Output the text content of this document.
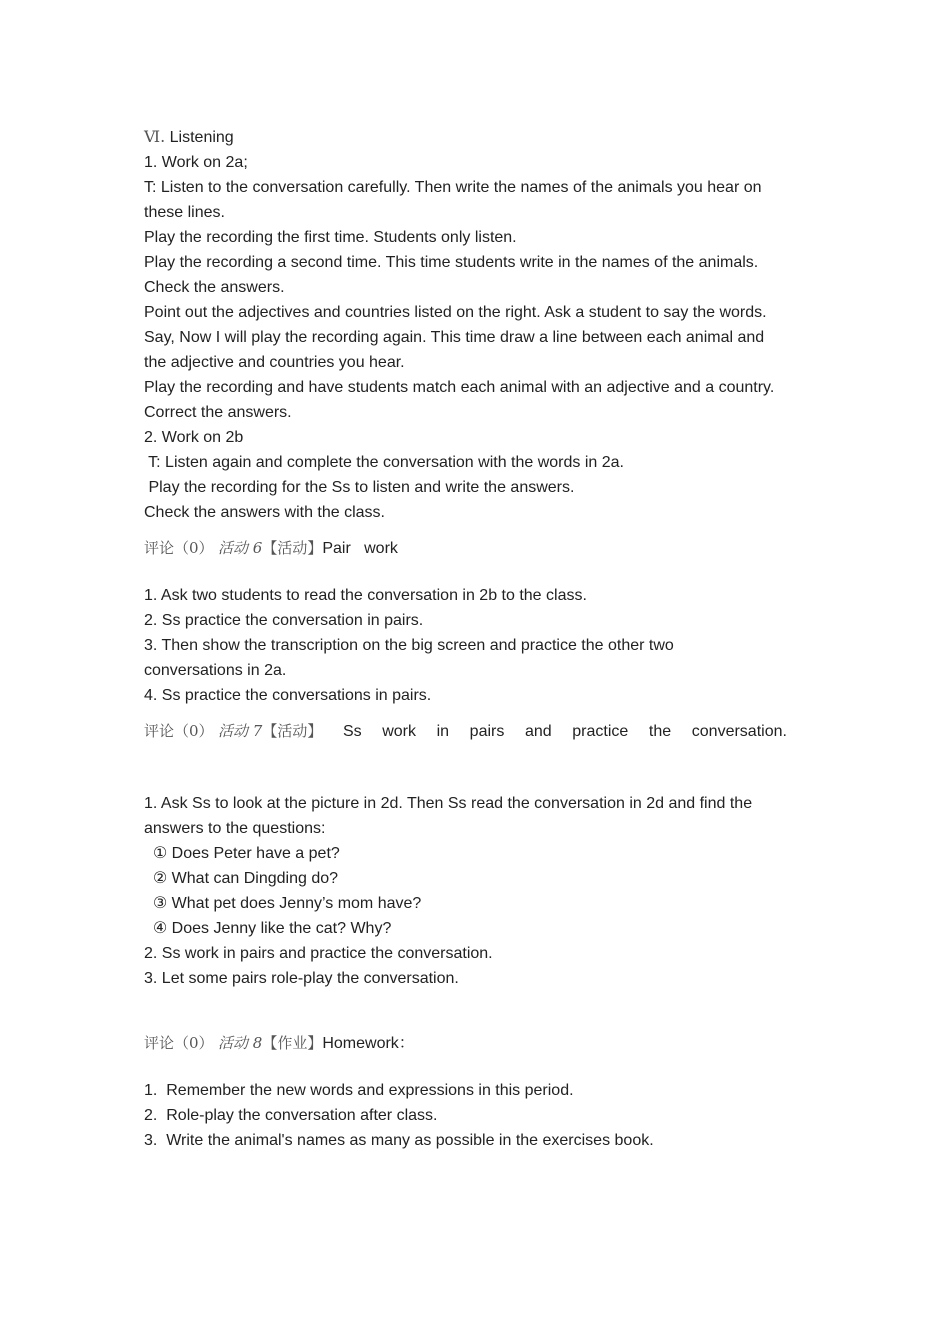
Ⅵ. Listening

1. Work on 2a;

T: Listen to the conversation carefully. Then write the names of the animals you hear on

these lines.

Play the recording the first time. Students only listen.

Play the recording a second time. This time students write in the names of the animals.

Check the answers.

Point out the adjectives and countries listed on the right. Ask a student to say the words.

Say, Now I will play the recording again. This time draw a line between each animal and

the adjective and countries you hear.

Play the recording and have students match each animal with an adjective and a country.

Correct the answers.

2. Work on 2b

T: Listen again and complete the conversation with the words in 2a.

Play the recording for the Ss to listen and write the answers.

Check the answers with the class.

评论（0） 活动 6【活动】Pair   work

1. Ask two students to read the conversation in 2b to the class.

2. Ss practice the conversation in pairs.

3. Then show the transcription on the big screen and practice the other two

conversations in 2a.

4. Ss practice the conversations in pairs.

评论（0） 活动 7【活动】 Ss work in pairs and practice the conversation.

1. Ask Ss to look at the picture in 2d. Then Ss read the conversation in 2d and find the

answers to the questions:

① Does Peter have a pet?

② What can Dingding do?

③ What pet does Jenny’s mom have?

④ Does Jenny like the cat? Why?

2. Ss work in pairs and practice the conversation.

3. Let some pairs role-play the conversation.

评论（0） 活动 8【作业】Homework：

1.  Remember the new words and expressions in this period.

2.  Role-play the conversation after class.

3.  Write the animal's names as many as possible in the exercises book.
